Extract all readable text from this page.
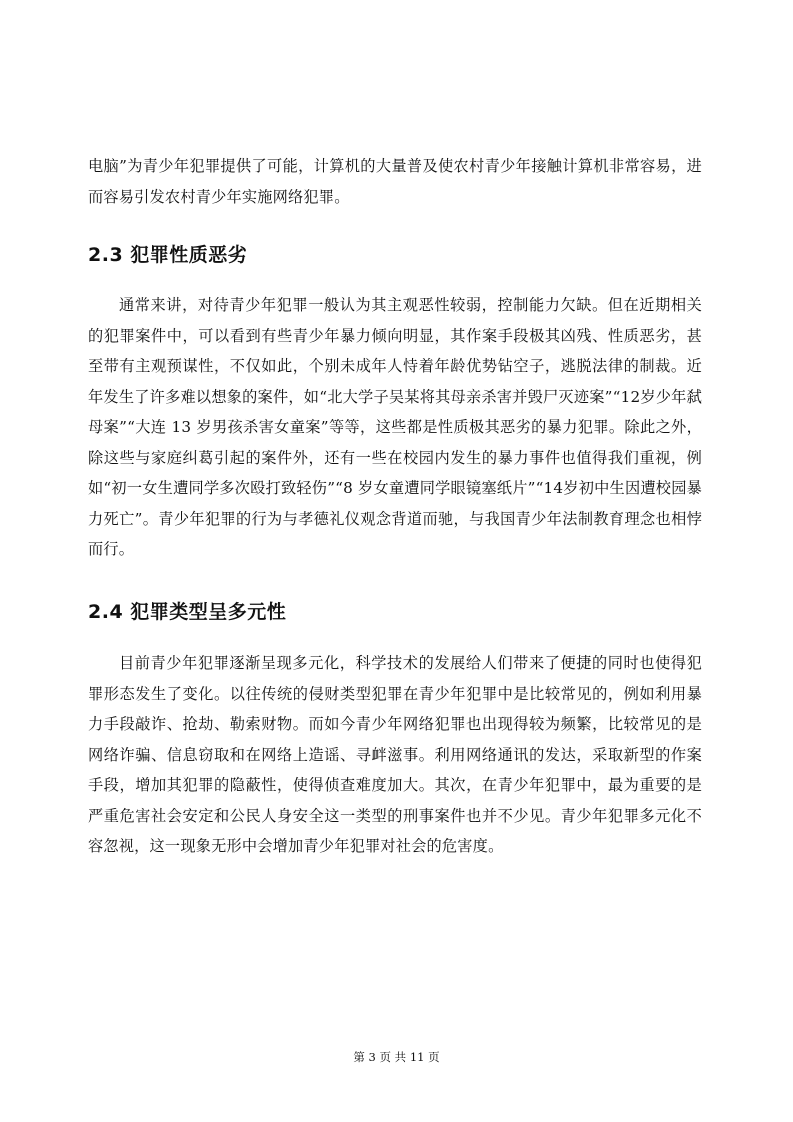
电脑”为青少年犯罪提供了可能，计算机的大量普及使农村青少年接触计算机非常容易，进而容易引发农村青少年实施网络犯罪。

2.3 犯罪性质恶劣

通常来讲，对待青少年犯罪一般认为其主观恶性较弱，控制能力欠缺。但在近期相关的犯罪案件中，可以看到有些青少年暴力倾向明显，其作案手段极其凶残、性质恶劣，甚至带有主观预谋性，不仅如此，个别未成年人恃着年龄优势钻空子，逃脱法律的制裁。近年发生了许多难以想象的案件，如“北大学子吴某将其母亲杀害并毁尸灭迹案”“12岁少年弑母案”“大连 13 岁男孩杀害女童案”等等，这些都是性质极其恶劣的暴力犯罪。除此之外，除这些与家庭纠葛引起的案件外，还有一些在校园内发生的暴力事件也值得我们重视，例如“初一女生遭同学多次殴打致轻伤”“8 岁女童遭同学眼镜塞纸片”“14岁初中生因遭校园暴力死亡”。青少年犯罪的行为与孝德礼仪观念背道而驰，与我国青少年法制教育理念也相悖而行。

2.4 犯罪类型呈多元性

目前青少年犯罪逐渐呈现多元化，科学技术的发展给人们带来了便捷的同时也使得犯罪形态发生了变化。以往传统的侵财类型犯罪在青少年犯罪中是比较常见的，例如利用暴力手段敲诈、抢劫、勒索财物。而如今青少年网络犯罪也出现得较为频繁，比较常见的是网络诈骗、信息窃取和在网络上造谣、寻衅滋事。利用网络通讯的发达，采取新型的作案手段，增加其犯罪的隐蔽性，使得侦查难度加大。其次，在青少年犯罪中，最为重要的是严重危害社会安定和公民人身安全这一类型的刑事案件也并不少见。青少年犯罪多元化不容忽视，这一现象无形中会增加青少年犯罪对社会的危害度。

第 3 页 共 11 页
